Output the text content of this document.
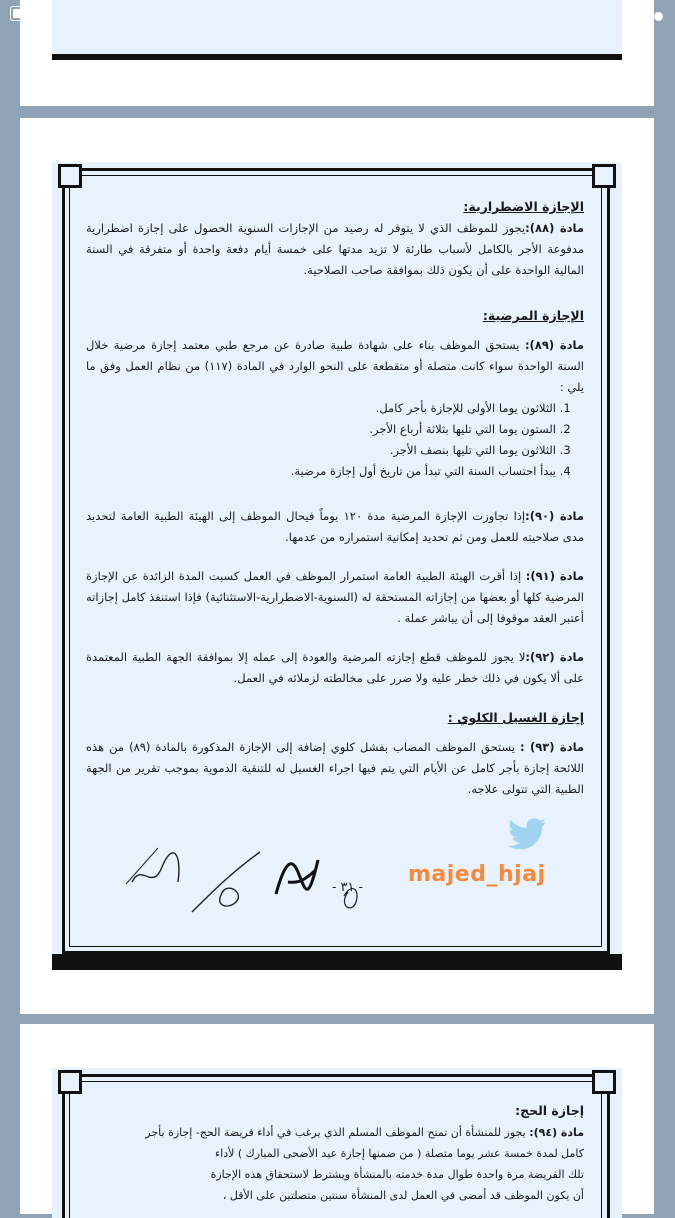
الإجازة الاضطرارية:

مادة (٨٨):يجوز للموظف الذي لا يتوفر له رصيد من الإجازات السنوية الحصول على إجازة اضطرارية مدفوعة الأجر بالكامل لأسباب طارئة لا تزيد مدتها على خمسة أيام دفعة واحدة أو متفرقة في السنة المالية الواحدة على أن يكون ذلك بموافقة صاحب الصلاحية.

الإجازة المرضية:

مادة (٨٩): يستحق الموظف بناء على شهادة طبية صادرة عن مرجع طبي معتمد إجازة مرضية خلال السنة الواحدة سواء كانت متصلة أو متقطعة على النحو الوارد في المادة (١١٧) من نظام العمل وفق ما يلي :

1. الثلاثون يوما الأولى للإجازة بأجر كامل.
2. الستون يوما التي تليها بثلاثة أرباع الأجر.
3. الثلاثون يوما التي تليها بنصف الأجر.
4. يبدأ احتساب السنة التي تبدأ من تاريخ أول إجازة مرضية.

مادة (٩٠):إذا تجاوزت الإجازة المرضية مدة ١٢٠ يوماً فيحال الموظف إلى الهيئة الطبية العامة لتحديد مدى صلاحيته للعمل ومن ثم تحديد إمكانية استمراره من عدمها.

مادة (٩١): إذا أقرت الهيئة الطبية العامة استمرار الموظف في العمل كسبت المدة الزائدة عن الإجازة المرضية كلها أو بعضها من إجازاته المستحقة له (السنوية-الاضطرارية-الاستثنائية) فإذا استنفذ كامل إجازاته أعتبر العقد موقوفا إلى أن يباشر عملة .

مادة (٩٢):لا يجوز للموظف قطع إجازته المرضية والعودة إلى عمله إلا بموافقة الجهة الطبية المعتمدة على ألا يكون في ذلك خطر عليه ولا ضرر على مخالطته لزملائه في العمل.

إجازة الغسيل الكلوي :

مادة (٩٣) : يستحق الموظف المصاب بفشل كلوي إضافة إلى الإجازة المذكورة بالمادة (٨٩) من هذه اللائحة إجازة بأجر كامل عن الأيام التي يتم فيها اجراء الغسيل له للتنقية الدموية بموجب تقرير من الجهة الطبية التي تتولى علاجه.

- ٣١ -
majed_hjaj
إجازة الحج:
مادة (٩٤): يجوز للمنشأة أن تمنح الموظف المسلم الذي يرغب في أداء فريضة الحج- إجازة بأجر
كامل لمدة خمسة عشر يوما متصلة ( من ضمنها إجازة عيد الأضحى المبارك ) لأداء
تلك الفريضة مرة واحدة طوال مدة خدمته بالمنشأة ويشترط لاستحقاق هذه الإجازة
أن يكون الموظف قد أمضى في العمل لدى المنشأة سنتين متصلتين على الأقل ،
